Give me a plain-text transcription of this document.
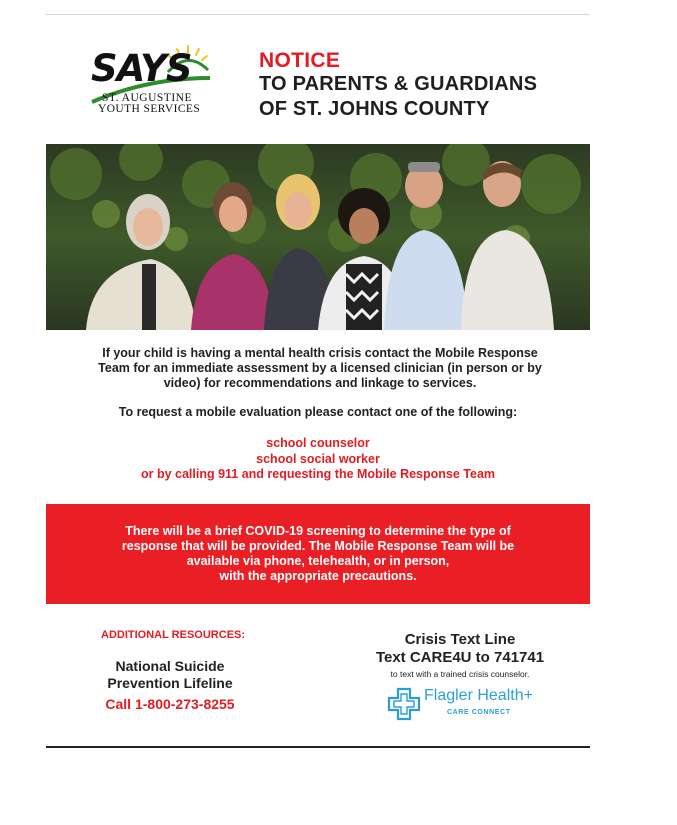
SAYS
ST. AUGUSTINE
YOUTH SERVICES
NOTICE
TO PARENTS & GUARDIANS
OF ST. JOHNS COUNTY
If your child is having a mental health crisis contact the Mobile Response Team for an immediate assessment by a licensed clinician (in person or by video) for recommendations and linkage to services.
To request a mobile evaluation please contact one of the following:
school counselor
school social worker
or by calling 911 and requesting the Mobile Response Team
There will be a brief COVID-19 screening to determine the type of
response that will be provided. The Mobile Response Team will be
available via phone, telehealth, or in person,
with the appropriate precautions.
ADDITIONAL RESOURCES:
National Suicide
Prevention Lifeline
Call 1-800-273-8255
Crisis Text Line
Text CARE4U to 741741
to text with a trained crisis counselor.
Flagler Health+
CARE CONNECT
